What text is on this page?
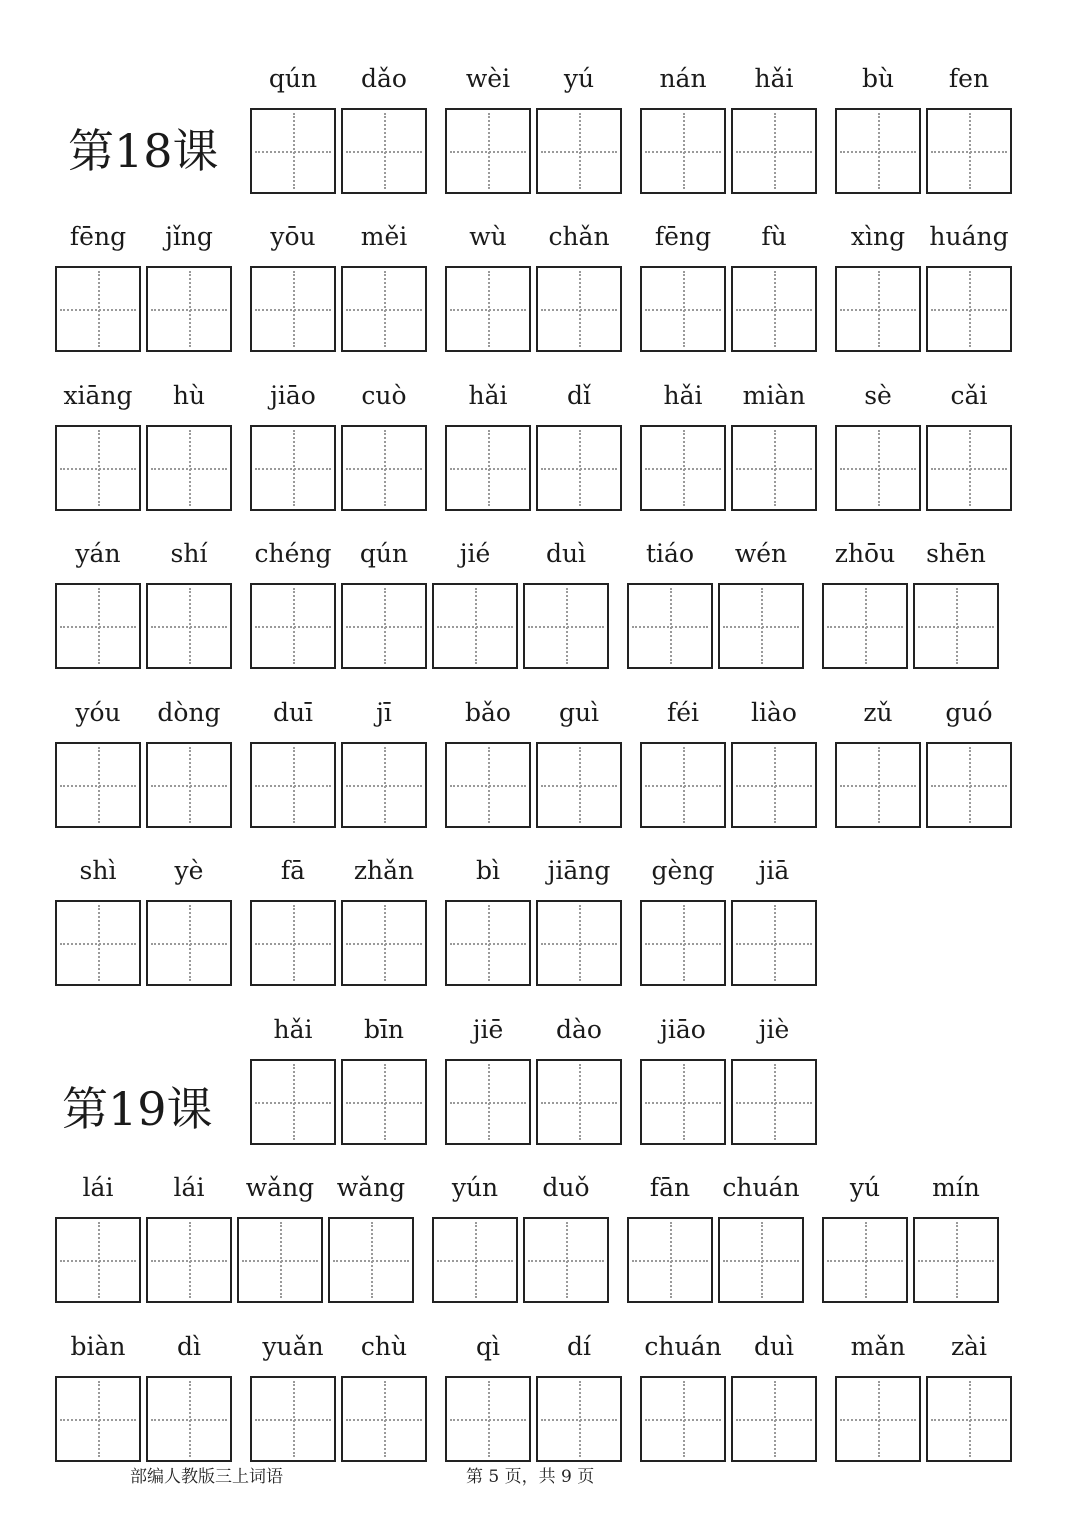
第18课
第19课
qún	dǎo	wèi	yú	nán	hǎi	bù	fen
fēng	jǐng	yōu	měi	wù	chǎn	fēng	fù	xìng huáng
xiāng	hù	jiāo	cuò	hǎi	dǐ	hǎi	miàn	sè	cǎi
yán	shí	chéng	qún	jié	duì	tiáo	wén	zhōu	shēn
yóu	dòng	duī	jī	bǎo	guì	féi	liào	zǔ	guó
shì	yè	fā	zhǎn	bì	jiāng	gèng	jiā
hǎi	bīn	jiē	dào	jiāo	jiè
lái	lái	wǎng wǎng	yún	duǒ	fān	chuán	yú	mín
biàn	dì	yuǎn	chù	qì	dí	chuán	duì	mǎn	zài
部编人教版三上词语	第 5 页，共 9 页
